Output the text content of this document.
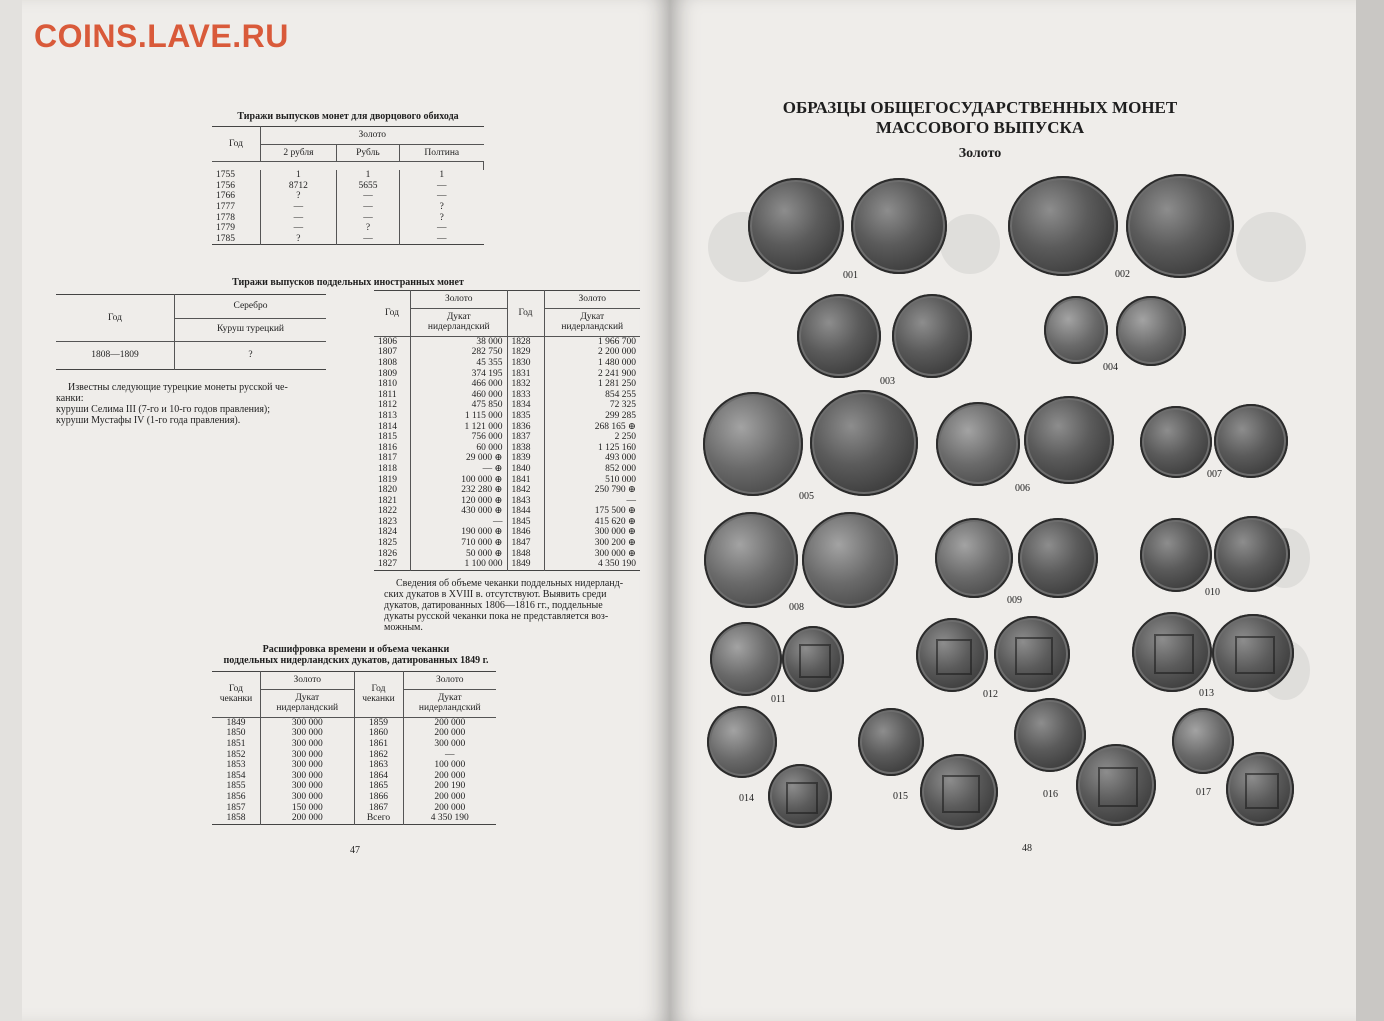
COINS.LAVE.RU
Тиражи выпусков монет для дворцового обихода
Год	Золото		
	2 рубля	Рубль	Полтина

1755	1	1	1
1756	8712	5655	—
1766	?	—	—
1777	—	—	?
1778	—	—	?
1779	—	?	—
1785	?	—	—
Тиражи выпусков поддельных иностранных монет
Год	Серебро
	Куруш турецкий
1808—1809	?
Известны следующие турецкие монеты русской че-
канки:
куруши Селима III (7-го и 10-го годов правления);
куруши Мустафы IV (1-го года правления).
Год	Золото	Год	Золото
	Дукат нидерландский		Дукат нидерландский
1806	38 000	1828	1 966 700
1807	282 750	1829	2 200 000
1808	45 355	1830	1 480 000
1809	374 195	1831	2 241 900
1810	466 000	1832	1 281 250
1811	460 000	1833	854 255
1812	475 850	1834	72 325
1813	1 115 000	1835	299 285
1814	1 121 000	1836	268 165 ⊕
1815	756 000	1837	2 250
1816	60 000	1838	1 125 160
1817	29 000 ⊕	1839	493 000
1818	— ⊕	1840	852 000
1819	100 000 ⊕	1841	510 000
1820	232 280 ⊕	1842	250 790 ⊕
1821	120 000 ⊕	1843	—
1822	430 000 ⊕	1844	175 500 ⊕
1823	—	1845	415 620 ⊕
1824	190 000 ⊕	1846	300 000 ⊕
1825	710 000 ⊕	1847	300 200 ⊕
1826	50 000 ⊕	1848	300 000 ⊕
1827	1 100 000	1849	4 350 190
Сведения об объеме чеканки поддельных нидерланд-
ских дукатов в XVIII в. отсутствуют. Выявить среди
дукатов, датированных 1806—1816 гг., поддельные
дукаты русской чеканки пока не представляется воз-
можным.
Расшифровка времени и объема чеканки
поддельных нидерландских дукатов, датированных 1849 г.
Год чеканки	Золото	Год чеканки	Золото
	Дукат нидерландский		Дукат нидерландский
1849	300 000	1859	200 000
1850	300 000	1860	200 000
1851	300 000	1861	300 000
1852	300 000	1862	—
1853	300 000	1863	100 000
1854	300 000	1864	200 000
1855	300 000	1865	200 190
1856	300 000	1866	200 000
1857	150 000	1867	200 000
1858	200 000	Всего	4 350 190
47
ОБРАЗЦЫ ОБЩЕГОСУДАРСТВЕННЫХ МОНЕТ
МАССОВОГО ВЫПУСКА
Золото
001	002
003
004
005
006
007
008
009
010
011	012	013
014	015	016	017
48
